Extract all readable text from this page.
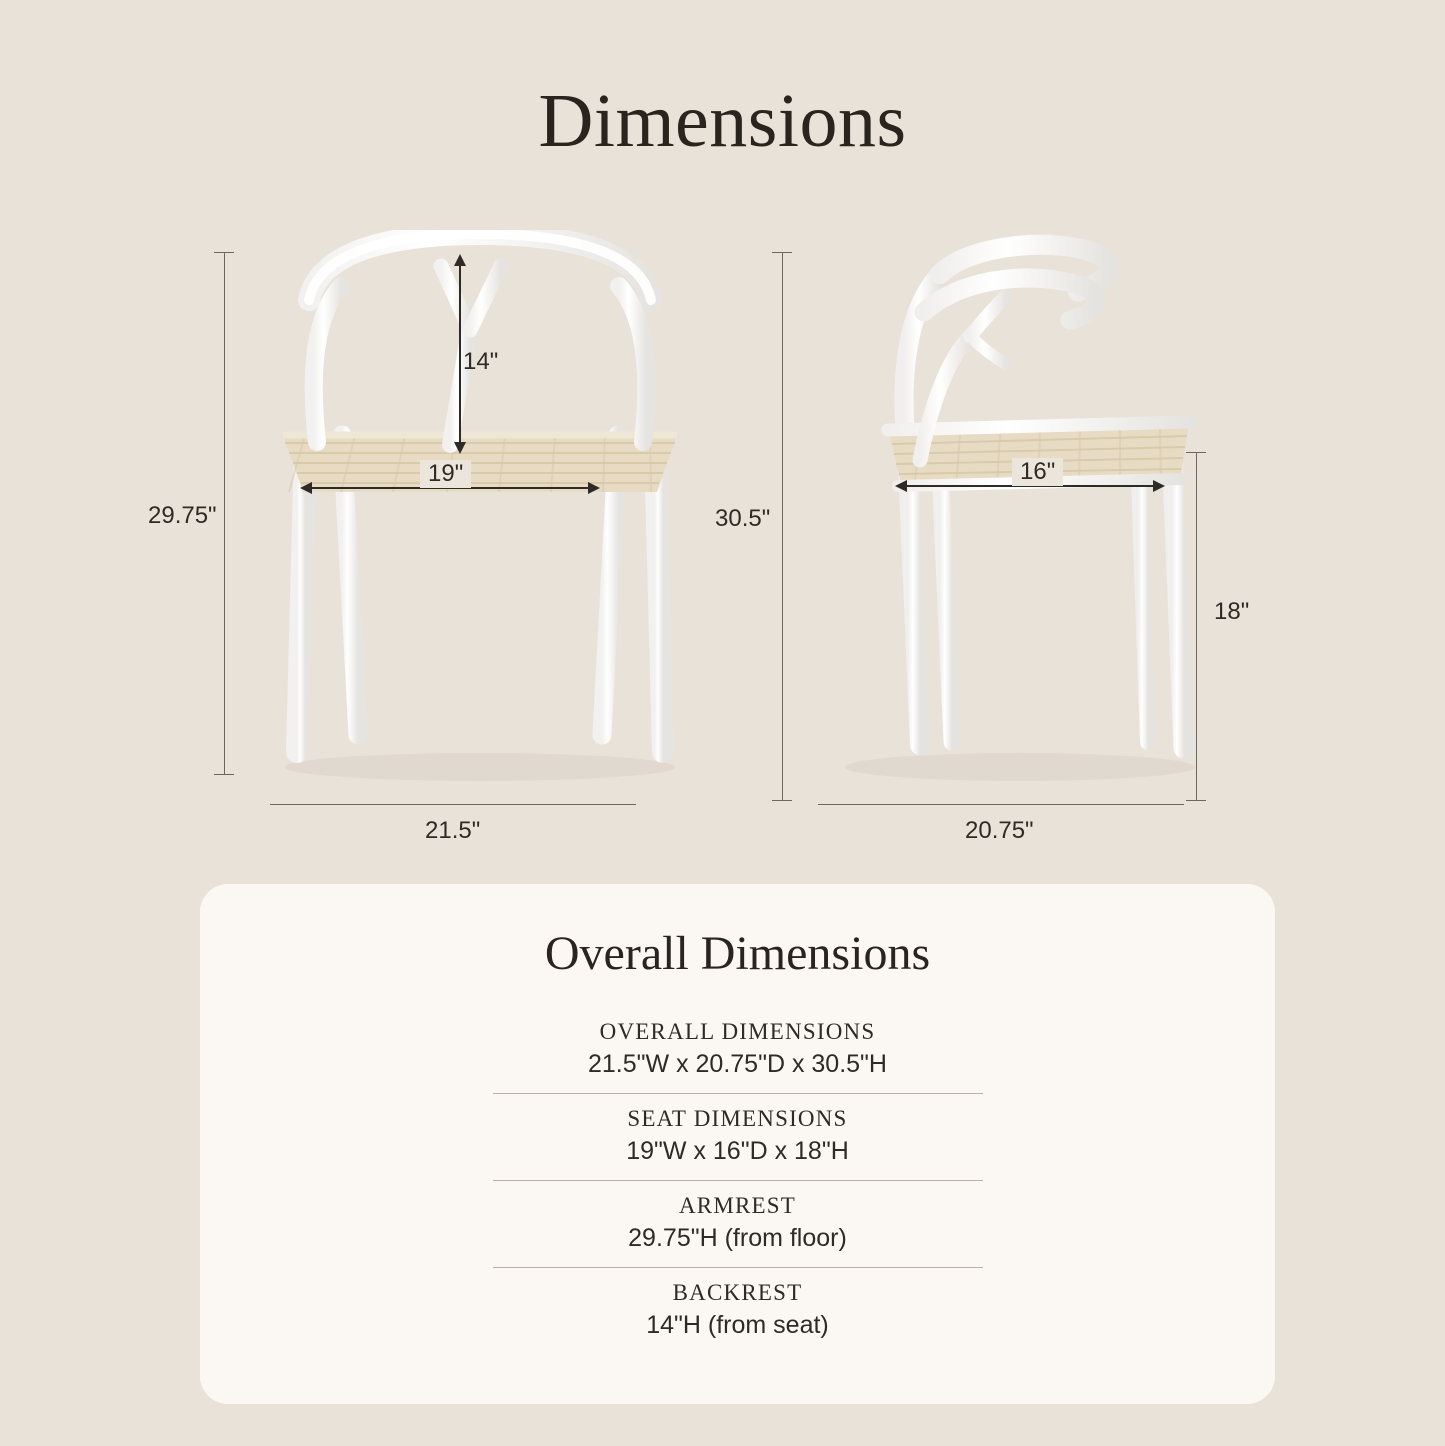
Dimensions
29.75"
21.5"
19"
14"
30.5"
20.75"
16"
18"
Overall Dimensions
OVERALL DIMENSIONS
21.5"W x 20.75"D x 30.5"H
SEAT DIMENSIONS
19"W x 16"D x 18"H
ARMREST
29.75"H (from floor)
BACKREST
14"H (from seat)
